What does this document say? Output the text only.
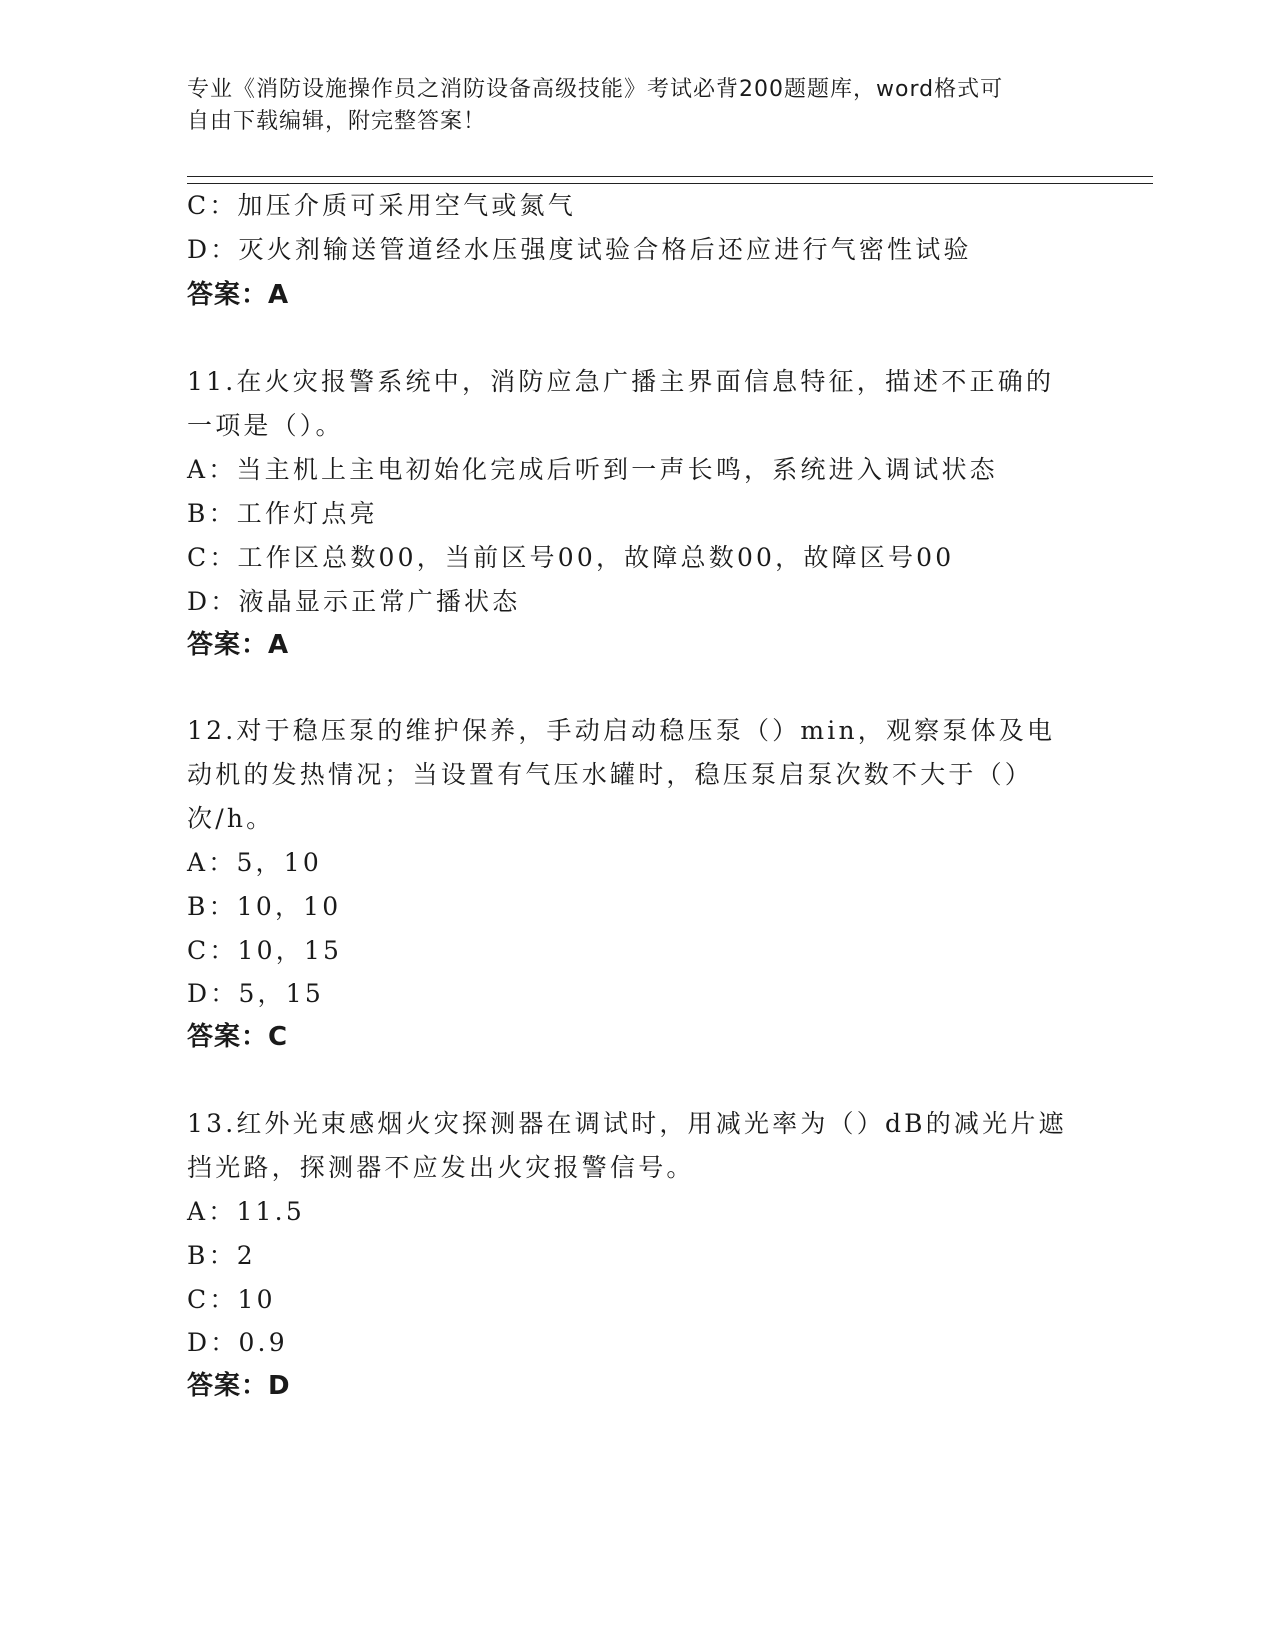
专业《消防设施操作员之消防设备高级技能》考试必背200题题库，word格式可
自由下载编辑，附完整答案！
C：加压介质可采用空气或氮气
D：灭火剂输送管道经水压强度试验合格后还应进行气密性试验
答案：A
11.在火灾报警系统中，消防应急广播主界面信息特征，描述不正确的
一项是（）。
A：当主机上主电初始化完成后听到一声长鸣，系统进入调试状态
B：工作灯点亮
C：工作区总数00，当前区号00，故障总数00，故障区号00
D：液晶显示正常广播状态
答案：A
12.对于稳压泵的维护保养，手动启动稳压泵（）min，观察泵体及电
动机的发热情况；当设置有气压水罐时，稳压泵启泵次数不大于（）
次/h。
A：5，10
B：10，10
C：10，15
D：5，15
答案：C
13.红外光束感烟火灾探测器在调试时，用减光率为（）dB的减光片遮
挡光路，探测器不应发出火灾报警信号。
A：11.5
B：2
C：10
D：0.9
答案：D
